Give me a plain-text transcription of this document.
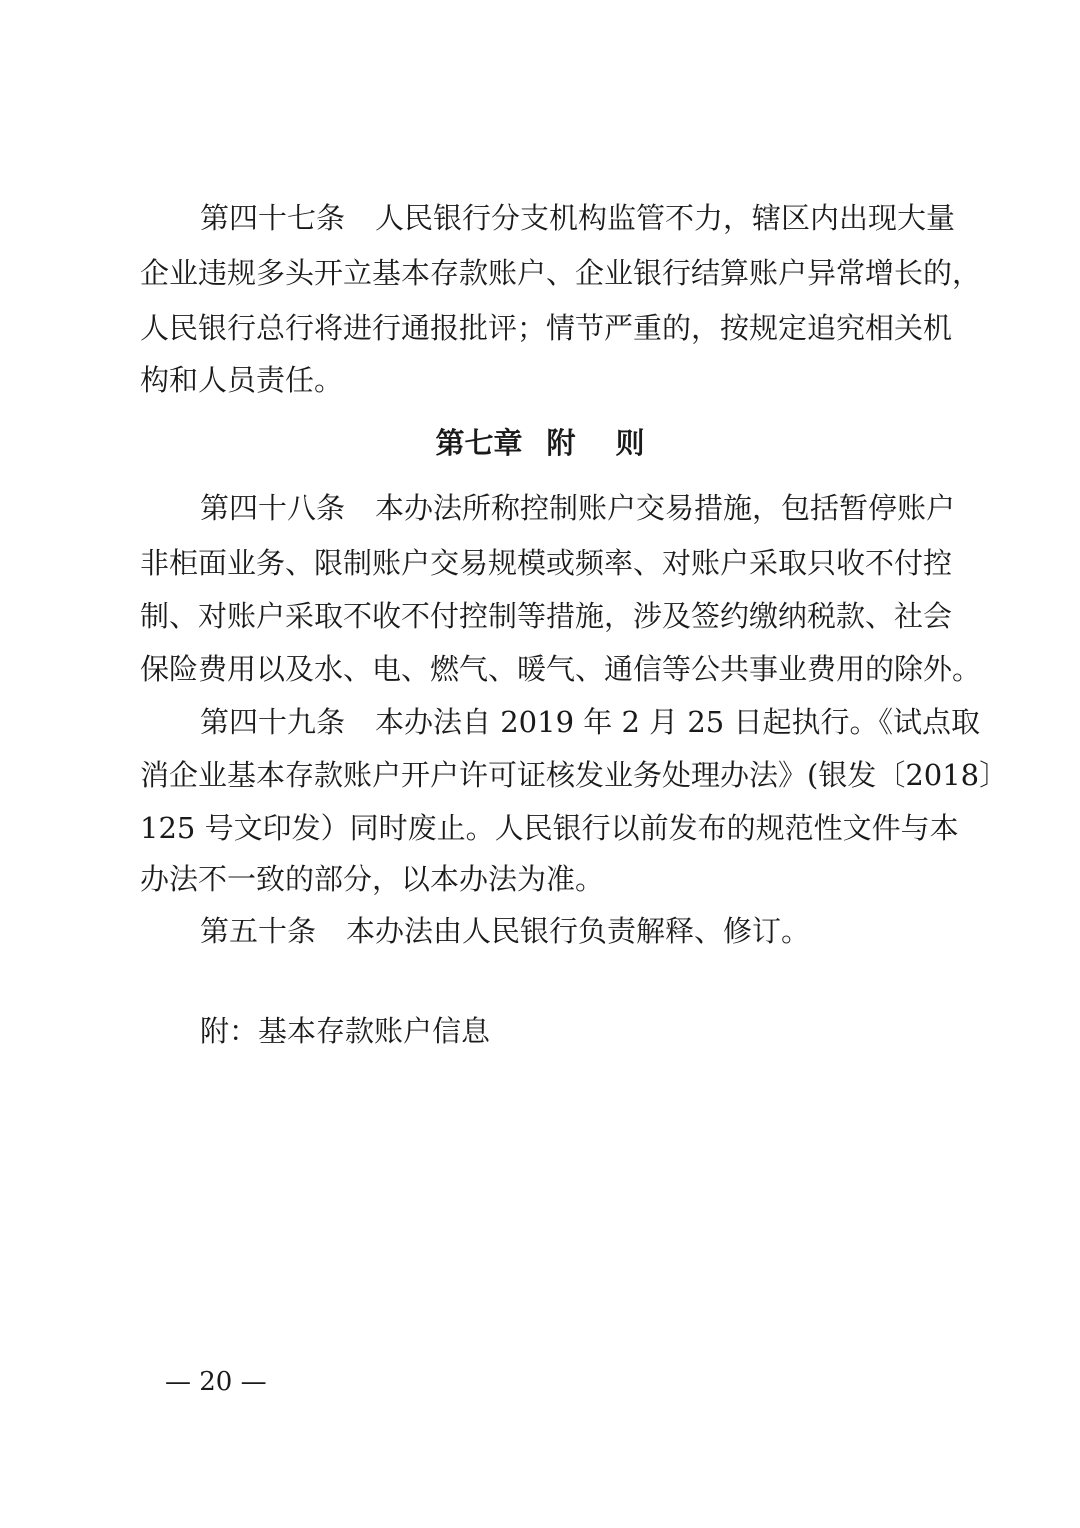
第四十七条 人民银行分支机构监管不力，辖区内出现大量
企业违规多头开立基本存款账户、企业银行结算账户异常增长的，
人民银行总行将进行通报批评；情节严重的，按规定追究相关机
构和人员责任。
第七章 附 则
第四十八条 本办法所称控制账户交易措施，包括暂停账户
非柜面业务、限制账户交易规模或频率、对账户采取只收不付控
制、对账户采取不收不付控制等措施，涉及签约缴纳税款、社会
保险费用以及水、电、燃气、暖气、通信等公共事业费用的除外。
第四十九条 本办法自 2019 年 2 月 25 日起执行。《试点取
消企业基本存款账户开户许可证核发业务处理办法》(银发〔2018〕
125 号文印发）同时废止。人民银行以前发布的规范性文件与本
办法不一致的部分，以本办法为准。
第五十条 本办法由人民银行负责解释、修订。
附：基本存款账户信息
— 20 —
